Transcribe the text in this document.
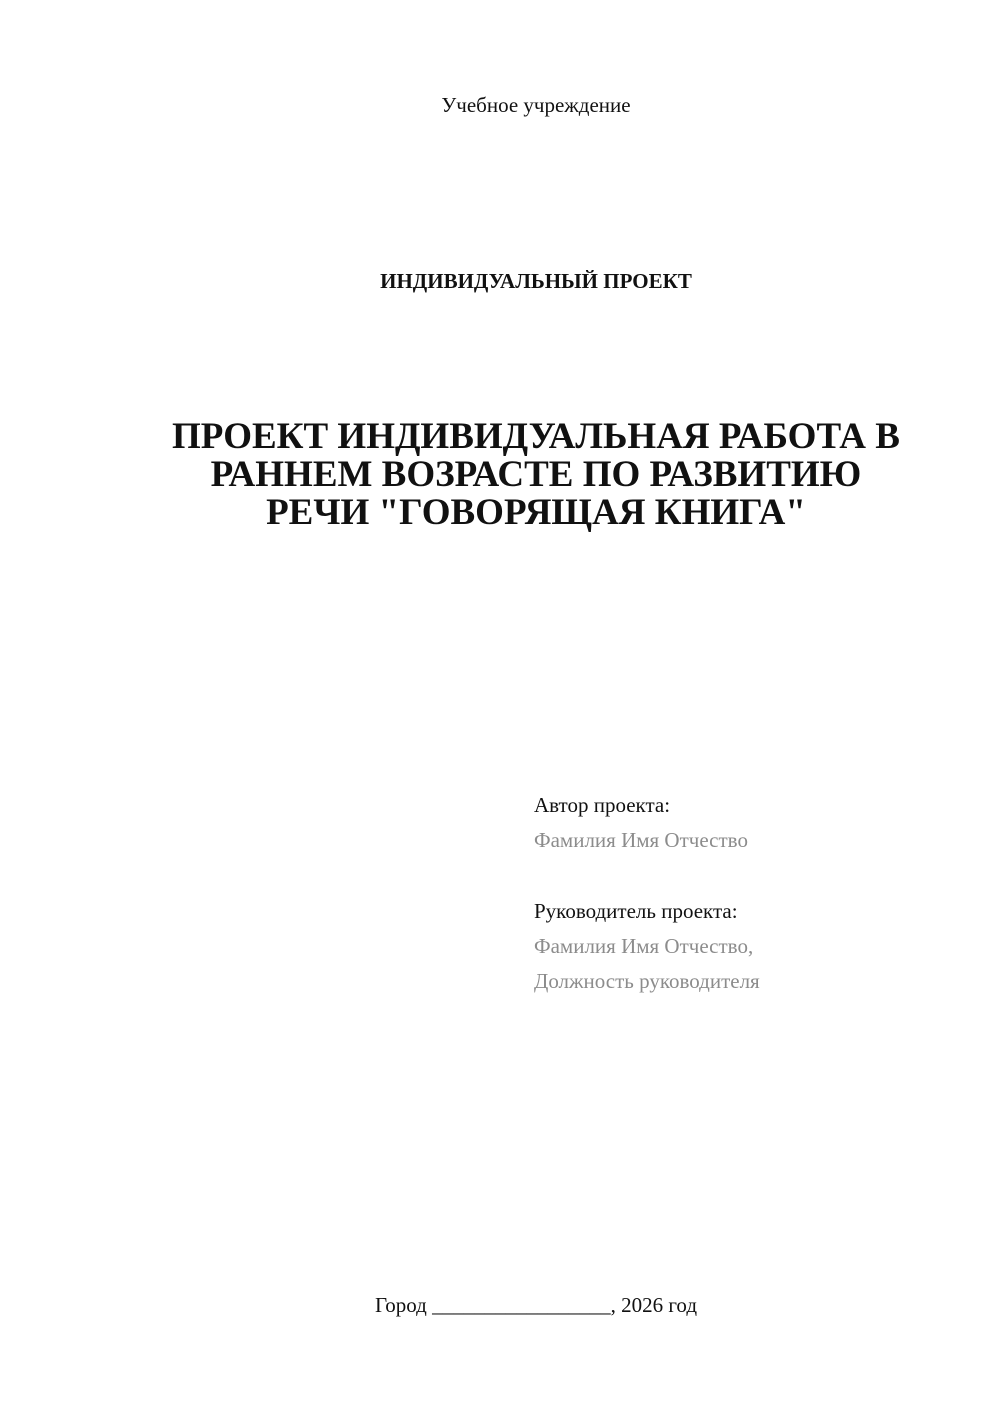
Учебное учреждение
ИНДИВИДУАЛЬНЫЙ ПРОЕКТ
ПРОЕКТ ИНДИВИДУАЛЬНАЯ РАБОТА В
РАННЕМ ВОЗРАСТЕ ПО РАЗВИТИЮ
РЕЧИ "ГОВОРЯЩАЯ КНИГА"
Автор проекта:
Фамилия Имя Отчество
Руководитель проекта:
Фамилия Имя Отчество,
Должность руководителя
Город _________________, 2026 год
